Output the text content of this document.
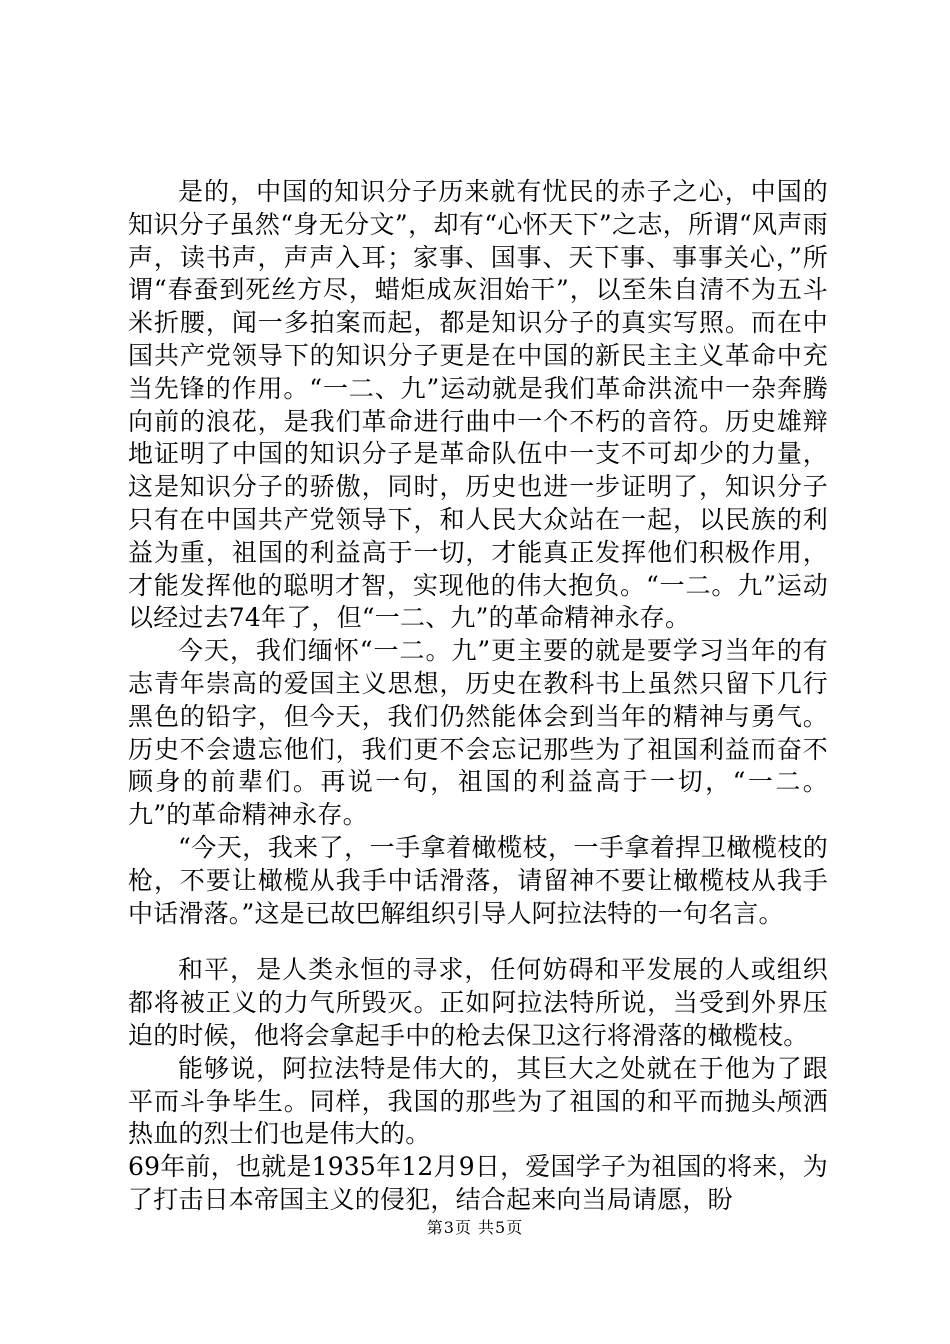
是的，中国的知识分子历来就有忧民的赤子之心，中国的知识分子虽然“身无分文”，却有“心怀天下”之志，所谓“风声雨声，读书声，声声入耳；家事、国事、天下事、事事关心，”所谓“春蚕到死丝方尽，蜡炬成灰泪始干”，以至朱自清不为五斗米折腰，闻一多拍案而起，都是知识分子的真实写照。而在中国共产党领导下的知识分子更是在中国的新民主主义革命中充当先锋的作用。“一二、九”运动就是我们革命洪流中一杂奔腾向前的浪花，是我们革命进行曲中一个不朽的音符。历史雄辩地证明了中国的知识分子是革命队伍中一支不可却少的力量，这是知识分子的骄傲，同时，历史也进一步证明了，知识分子只有在中国共产党领导下，和人民大众站在一起，以民族的利益为重，祖国的利益高于一切，才能真正发挥他们积极作用，才能发挥他的聪明才智，实现他的伟大抱负。“一二。九”运动以经过去74年了，但“一二、九”的革命精神永存。

今天，我们缅怀“一二。九”更主要的就是要学习当年的有志青年崇高的爱国主义思想，历史在教科书上虽然只留下几行黑色的铅字，但今天，我们仍然能体会到当年的精神与勇气。历史不会遗忘他们，我们更不会忘记那些为了祖国利益而奋不顾身的前辈们。再说一句，祖国的利益高于一切，“一二。九”的革命精神永存。

“今天，我来了，一手拿着橄榄枝，一手拿着捍卫橄榄枝的枪，不要让橄榄从我手中话滑落，请留神不要让橄榄枝从我手中话滑落。”这是已故巴解组织引导人阿拉法特的一句名言。

和平，是人类永恒的寻求，任何妨碍和平发展的人或组织都将被正义的力气所毁灭。正如阿拉法特所说，当受到外界压迫的时候，他将会拿起手中的枪去保卫这行将滑落的橄榄枝。

能够说，阿拉法特是伟大的，其巨大之处就在于他为了跟平而斗争毕生。同样，我国的那些为了祖国的和平而抛头颅洒热血的烈士们也是伟大的。

69年前，也就是1935年12月9日，爱国学子为祖国的将来，为了打击日本帝国主义的侵犯，结合起来向当局请愿，盼

第3页 共5页
